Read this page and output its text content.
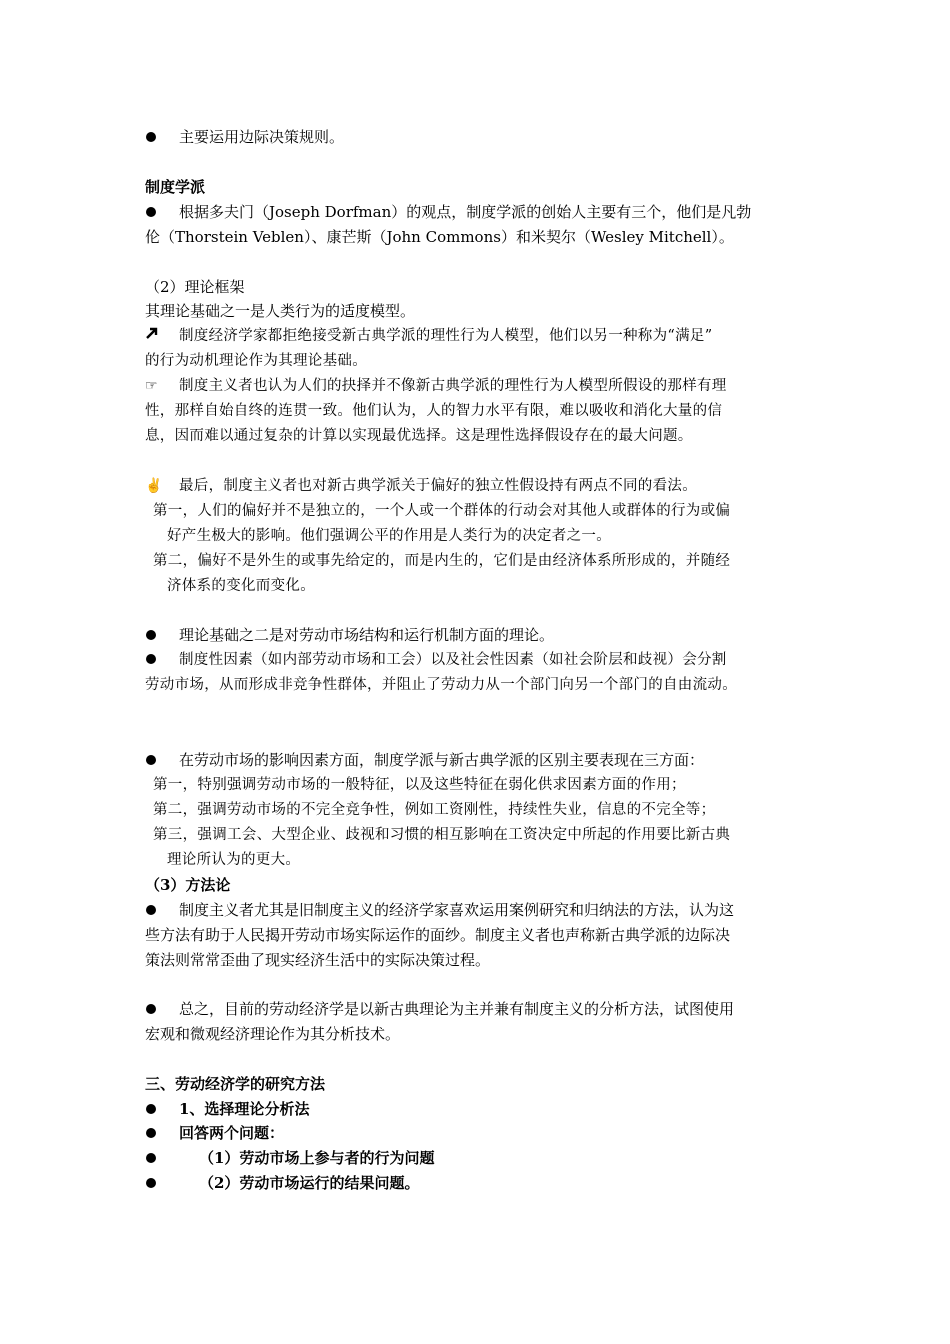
主要运用边际决策规则。
制度学派
根据多夫门（Joseph Dorfman）的观点，制度学派的创始人主要有三个，他们是凡勃
伦（Thorstein Veblen）、康芒斯（John Commons）和米契尔（Wesley Mitchell）。
（2）理论框架
其理论基础之一是人类行为的适度模型。
制度经济学家都拒绝接受新古典学派的理性行为人模型，他们以另一种称为“满足”
的行为动机理论作为其理论基础。
☞ 制度主义者也认为人们的抉择并不像新古典学派的理性行为人模型所假设的那样有理
性，那样自始自终的连贯一致。他们认为，人的智力水平有限，难以吸收和消化大量的信
息，因而难以通过复杂的计算以实现最优选择。这是理性选择假设存在的最大问题。
✌ 最后，制度主义者也对新古典学派关于偏好的独立性假设持有两点不同的看法。
第一，人们的偏好并不是独立的，一个人或一个群体的行动会对其他人或群体的行为或偏
好产生极大的影响。他们强调公平的作用是人类行为的决定者之一。
第二，偏好不是外生的或事先给定的，而是内生的，它们是由经济体系所形成的，并随经
济体系的变化而变化。
理论基础之二是对劳动市场结构和运行机制方面的理论。
制度性因素（如内部劳动市场和工会）以及社会性因素（如社会阶层和歧视）会分割
劳动市场，从而形成非竞争性群体，并阻止了劳动力从一个部门向另一个部门的自由流动。
在劳动市场的影响因素方面，制度学派与新古典学派的区别主要表现在三方面：
第一，特别强调劳动市场的一般特征，以及这些特征在弱化供求因素方面的作用；
第二，强调劳动市场的不完全竞争性，例如工资刚性，持续性失业，信息的不完全等；
第三，强调工会、大型企业、歧视和习惯的相互影响在工资决定中所起的作用要比新古典
理论所认为的更大。
（3）方法论
制度主义者尤其是旧制度主义的经济学家喜欢运用案例研究和归纳法的方法，认为这
些方法有助于人民揭开劳动市场实际运作的面纱。制度主义者也声称新古典学派的边际决
策法则常常歪曲了现实经济生活中的实际决策过程。
总之，目前的劳动经济学是以新古典理论为主并兼有制度主义的分析方法，试图使用
宏观和微观经济理论作为其分析技术。
三、劳动经济学的研究方法
1、选择理论分析法
回答两个问题：
（1）劳动市场上参与者的行为问题
（2）劳动市场运行的结果问题。
